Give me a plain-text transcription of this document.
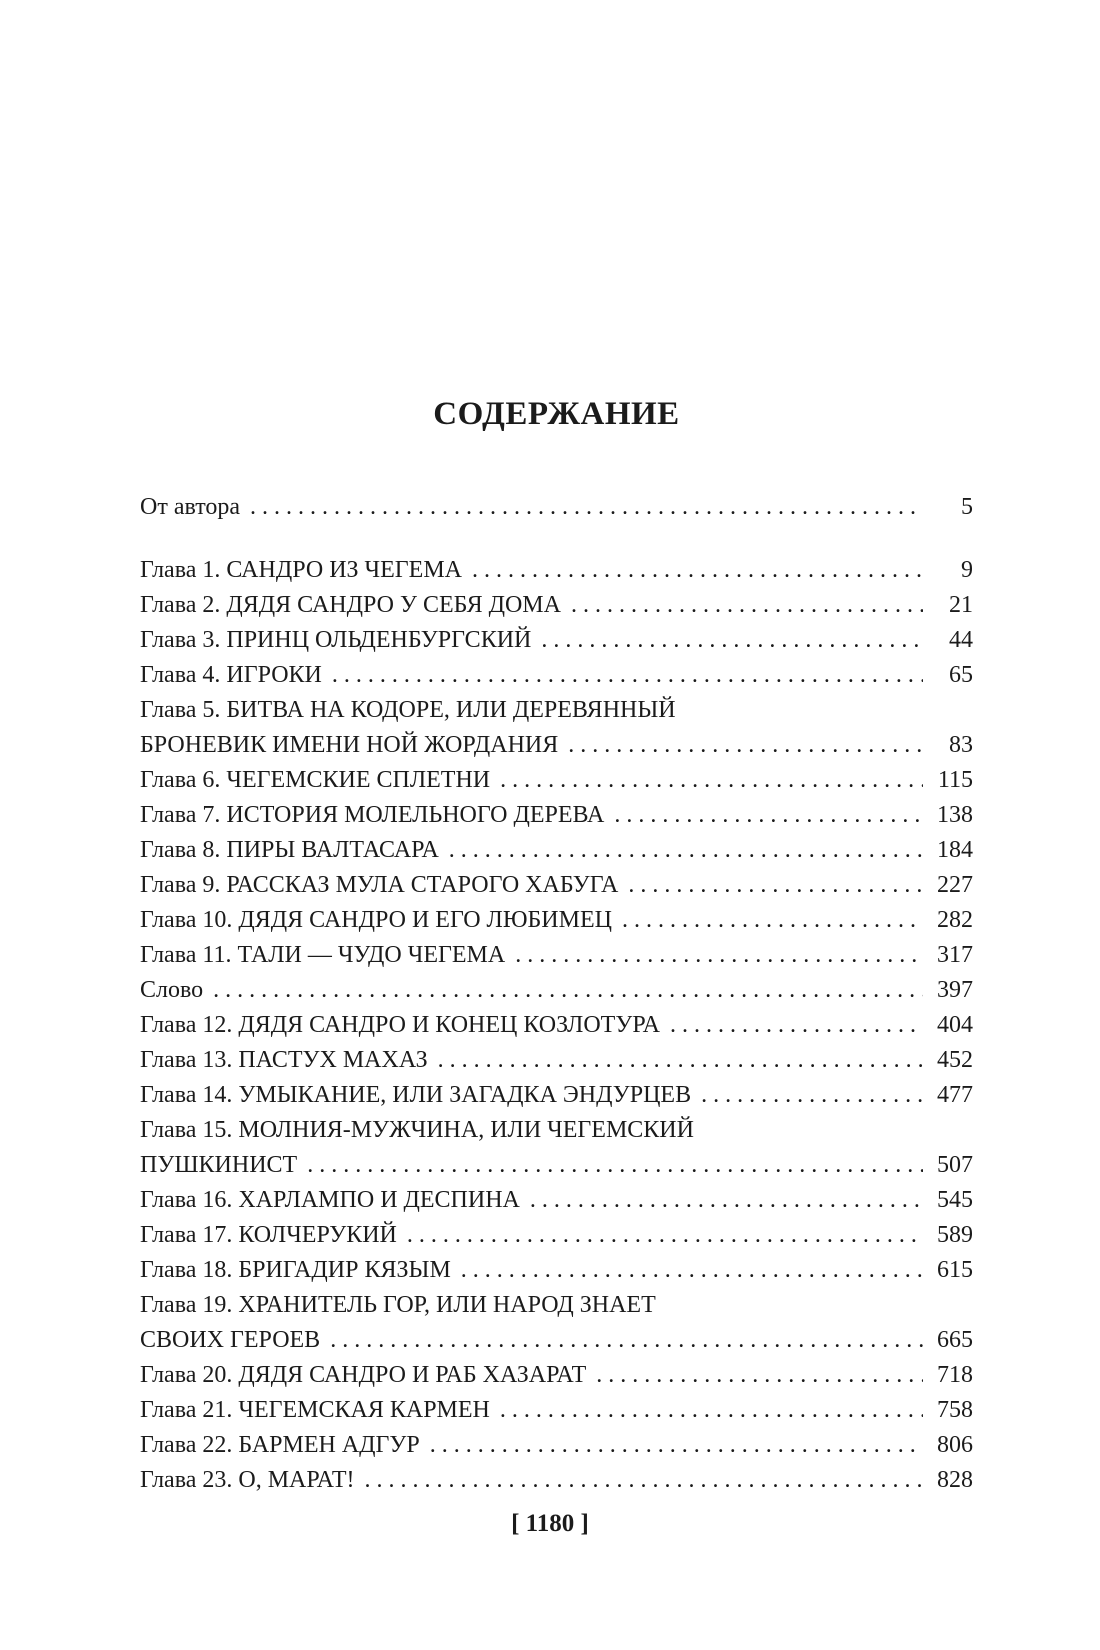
СОДЕРЖАНИЕ
От автора . . .	5
Глава 1. САНДРО ИЗ ЧЕГЕМА . . .	9
Глава 2. ДЯДЯ САНДРО У СЕБЯ ДОМА . . .	21
Глава 3. ПРИНЦ ОЛЬДЕНБУРГСКИЙ . . .	44
Глава 4. ИГРОКИ . . .	65
Глава 5. БИТВА НА КОДОРЕ, ИЛИ ДЕРЕВЯННЫЙ
БРОНЕВИК ИМЕНИ НОЙ ЖОРДАНИЯ . . .	83
Глава 6. ЧЕГЕМСКИЕ СПЛЕТНИ . . .	115
Глава 7. ИСТОРИЯ МОЛЕЛЬНОГО ДЕРЕВА . . .	138
Глава 8. ПИРЫ ВАЛТАСАРА . . .	184
Глава 9. РАССКАЗ МУЛА СТАРОГО ХАБУГА . . .	227
Глава 10. ДЯДЯ САНДРО И ЕГО ЛЮБИМЕЦ . . .	282
Глава 11. ТАЛИ — ЧУДО ЧЕГЕМА . . .	317
Слово . . .	397
Глава 12. ДЯДЯ САНДРО И КОНЕЦ КОЗЛОТУРА . . .	404
Глава 13. ПАСТУХ МАХАЗ . . .	452
Глава 14. УМЫКАНИЕ, ИЛИ ЗАГАДКА ЭНДУРЦЕВ . . .	477
Глава 15. МОЛНИЯ-МУЖЧИНА, ИЛИ ЧЕГЕМСКИЙ
ПУШКИНИСТ . . .	507
Глава 16. ХАРЛАМПО И ДЕСПИНА . . .	545
Глава 17. КОЛЧЕРУКИЙ . . .	589
Глава 18. БРИГАДИР КЯЗЫМ . . .	615
Глава 19. ХРАНИТЕЛЬ ГОР, ИЛИ НАРОД ЗНАЕТ
СВОИХ ГЕРОЕВ . . .	665
Глава 20. ДЯДЯ САНДРО И РАБ ХАЗАРАТ . . .	718
Глава 21. ЧЕГЕМСКАЯ КАРМЕН . . .	758
Глава 22. БАРМЕН АДГУР . . .	806
Глава 23. О, МАРАТ! . . .	828
[ 1180 ]
